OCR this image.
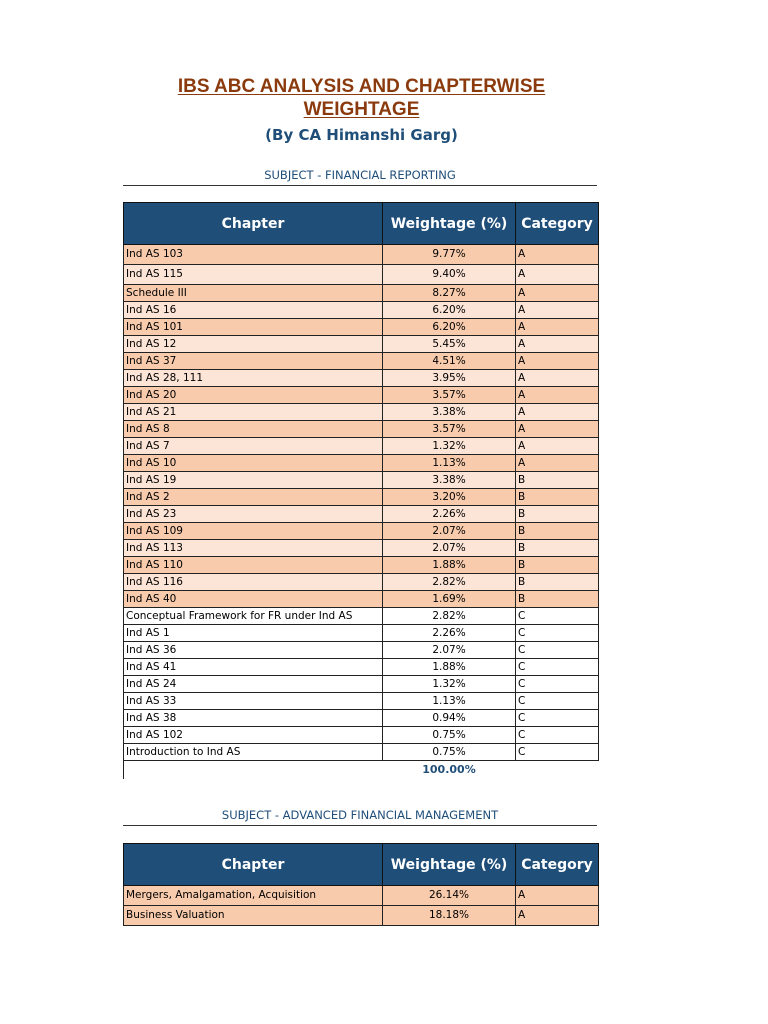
IBS ABC ANALYSIS AND CHAPTERWISE
WEIGHTAGE
(By CA Himanshi Garg)
SUBJECT - FINANCIAL REPORTING
Chapter	Weightage (%)	Category
Ind AS 103	9.77%	A
Ind AS 115	9.40%	A
Schedule III	8.27%	A
Ind AS 16	6.20%	A
Ind AS 101	6.20%	A
Ind AS 12	5.45%	A
Ind AS 37	4.51%	A
Ind AS 28, 111	3.95%	A
Ind AS 20	3.57%	A
Ind AS 21	3.38%	A
Ind AS 8	3.57%	A
Ind AS 7	1.32%	A
Ind AS 10	1.13%	A
Ind AS 19	3.38%	B
Ind AS 2	3.20%	B
Ind AS 23	2.26%	B
Ind AS 109	2.07%	B
Ind AS 113	2.07%	B
Ind AS 110	1.88%	B
Ind AS 116	2.82%	B
Ind AS 40	1.69%	B
Conceptual Framework for FR under Ind AS	2.82%	C
Ind AS 1	2.26%	C
Ind AS 36	2.07%	C
Ind AS 41	1.88%	C
Ind AS 24	1.32%	C
Ind AS 33	1.13%	C
Ind AS 38	0.94%	C
Ind AS 102	0.75%	C
Introduction to Ind AS	0.75%	C
	100.00%	
SUBJECT - ADVANCED FINANCIAL MANAGEMENT
Chapter	Weightage (%)	Category
Mergers, Amalgamation, Acquisition	26.14%	A
Business Valuation	18.18%	A
